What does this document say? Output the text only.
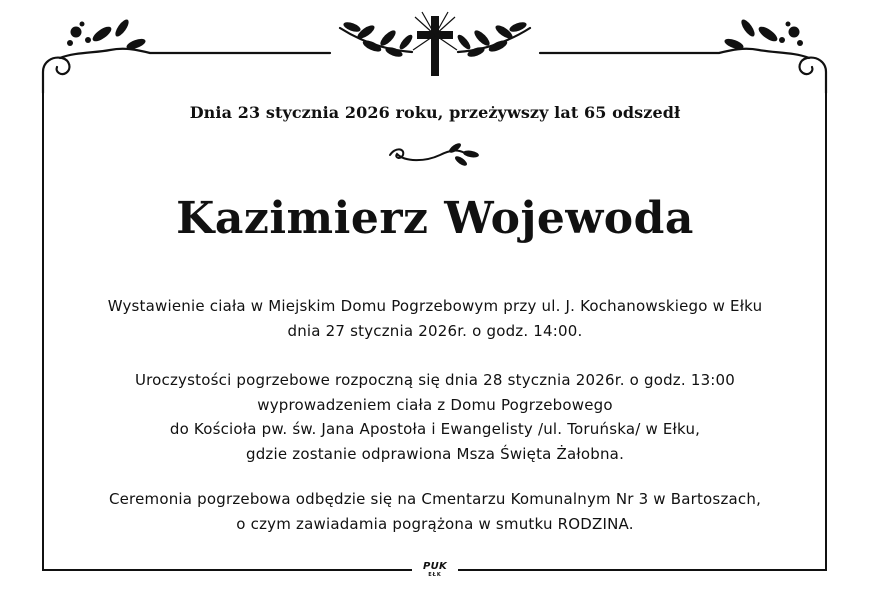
Dnia 23 stycznia 2026 roku, przeżywszy lat 65 odszedł
Kazimierz Wojewoda
Wystawienie ciała w Miejskim Domu Pogrzebowym przy ul. J. Kochanowskiego w Ełku
dnia 27 stycznia 2026r. o godz. 14:00.
Uroczystości pogrzebowe rozpoczną się dnia 28 stycznia 2026r. o godz. 13:00
wyprowadzeniem ciała z Domu Pogrzebowego
do Kościoła pw. św. Jana Apostoła i Ewangelisty /ul. Toruńska/ w Ełku,
gdzie zostanie odprawiona Msza Święta Żałobna.
Ceremonia pogrzebowa odbędzie się na Cmentarzu Komunalnym Nr 3 w Bartoszach,
o czym zawiadamia pogrążona w smutku RODZINA.
PUK
EŁK
